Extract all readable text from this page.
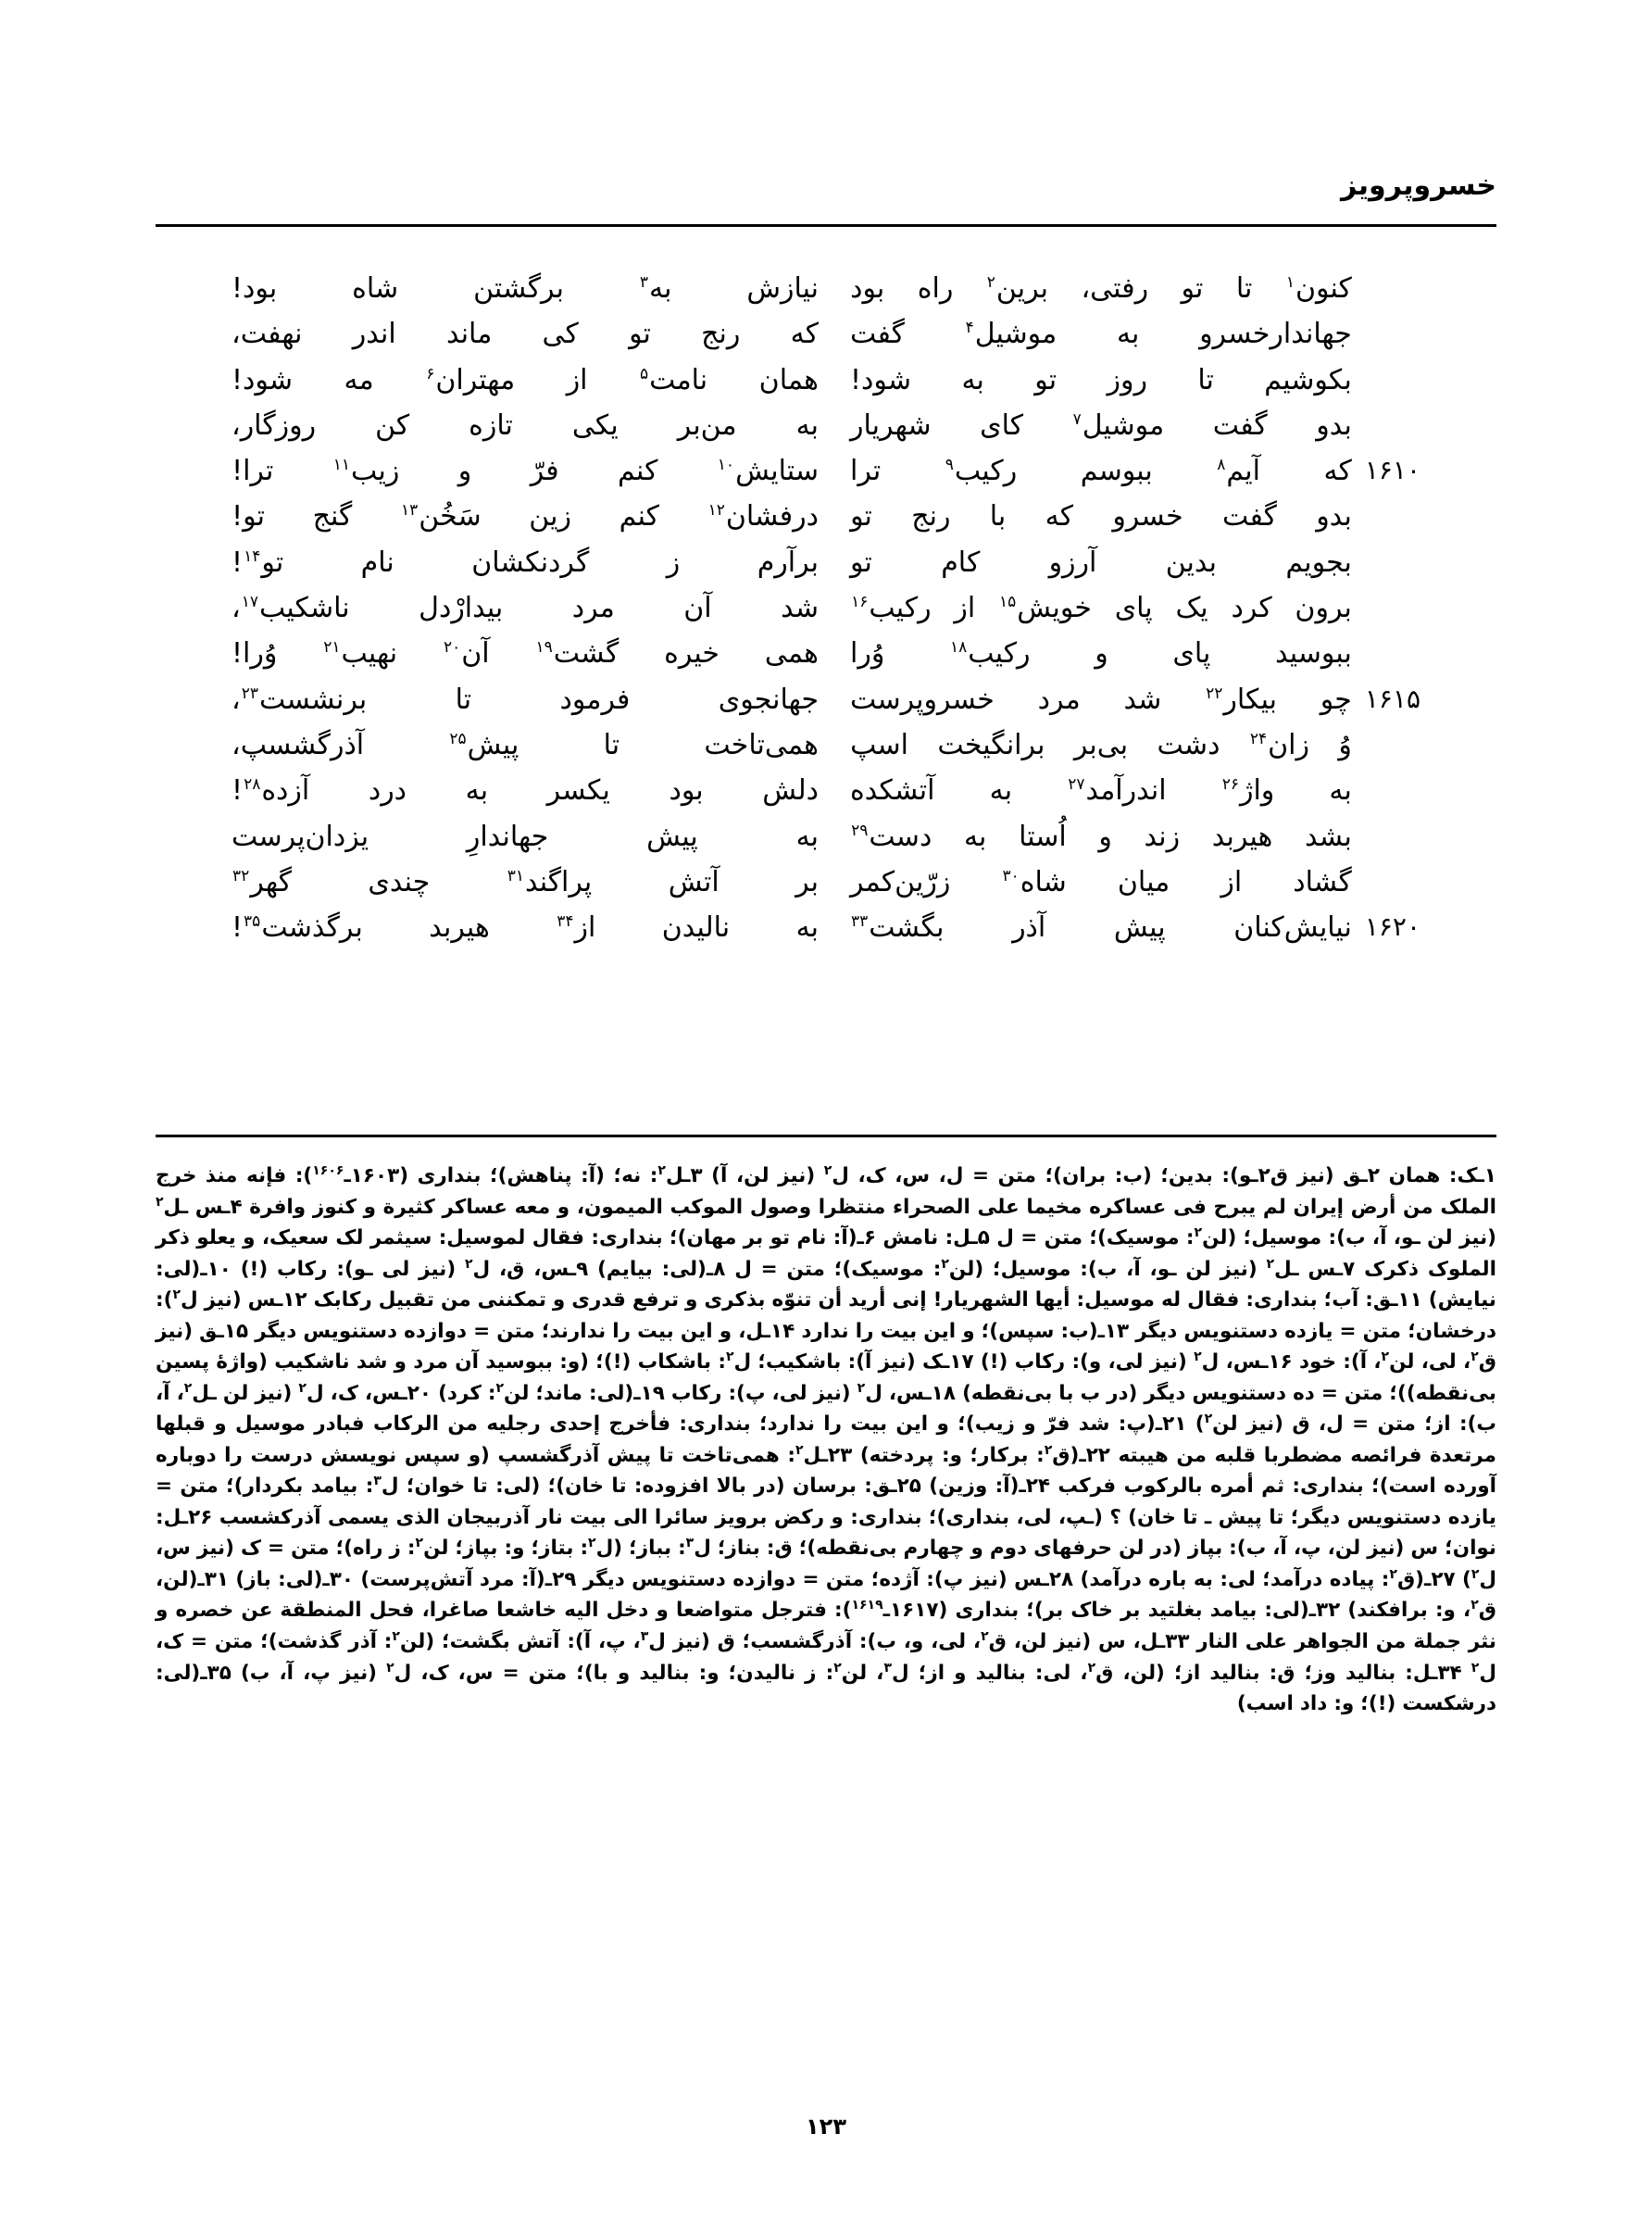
خسروپرویز
کنون$^۱$
تا
تو
رفتی،
برین$^۲$
راه
بود
نیازش
به$^۳$
برگشتن
شاه
بود!
جهاندارخسرو
به
موشیل$^۴$
گفت
که
رنج
تو
کی
ماند
اندر
نهفت،
بکوشیم
تا
روز
تو
به
شود!
همان
نامت$^۵$
از
مهتران$^۶$
مه
شود!
بدو
گفت
موشیل$^۷$
کای
شهریار
به
من‌بر
یکی
تازه
کن
روزگار،
۱۶۱۰
که
آیم$^۸$
ببوسم
رکیب$^۹$
ترا
ستایش$^{۱۰}$
کنم
فرّ
و
زیب$^{۱۱}$
ترا!
بدو
گفت
خسرو
که
با
رنج
تو
درفشان$^{۱۲}$
کنم
زین
سَخُن$^{۱۳}$
گنج
تو!
بجویم
بدین
آرزو
کام
تو
برآرم
ز
گردنکشان
نام
تو$^{۱۴}$!
برون
کرد
یک
پای
خویش$^{۱۵}$
از
رکیب$^{۱۶}$
شد
آن
مرد
بیدارْدل
ناشکیب$^{۱۷}$،
ببوسید
پای
و
رکیب$^{۱۸}$
وُرا
همی
خیره
گشت$^{۱۹}$
آن$^{۲۰}$
نهیب$^{۲۱}$
وُرا!
۱۶۱۵
چو
بیکار$^{۲۲}$
شد
مرد
خسروپرست
جهانجوی
فرمود
تا
برنشست$^{۲۳}$،
وُ
زان$^{۲۴}$
دشت
بی‌بر
برانگیخت
اسپ
همی‌تاخت
تا
پیش$^{۲۵}$
آذرگشسپ،
به
واژ$^{۲۶}$
اندرآمد$^{۲۷}$
به
آتشکده
دلش
بود
یکسر
به
درد
آزده$^{۲۸}$!
بشد
هیربد
زند
و
اُستا
به
دست$^{۲۹}$
به
پیش
جهاندارِ
یزدان‌پرست
گشاد
از
میان
شاه$^{۳۰}$
زرّین‌کمر
بر
آتش
پراگند$^{۳۱}$
چندی
گهر$^{۳۲}$
۱۶۲۰
نیایش‌کنان
پیش
آذر
بگشت$^{۳۳}$
به
نالیدن
از$^{۳۴}$
هیربد
برگذشت$^{۳۵}$!
۱ـک: همان ۲ـق (نیز ق۲ـو): بدین؛ (ب: بران)؛ متن = ل، س، ک، ل$^۲$ (نیز لن، آ) ۳ـل$^۲$: نه؛ (آ: پناهش)؛ بنداری (۱۶۰۳ـ$^{۱۶۰۶}$): فإنه منذ خرج الملک من أرض إیران لم یبرح فی عساکره مخیما علی الصحراء منتظرا وصول الموکب المیمون، و معه عساکر کثیرة و کنوز وافرة ۴ـس ـل$^۲$ (نیز لن ـو، آ، ب): موسیل؛ (لن$^۲$: موسیک)؛ متن = ل ۵ـل: نامش ۶ـ(آ: نام تو بر مهان)؛ بنداری: فقال لموسیل: سیثمر لک سعیک، و یعلو ذکر الملوک ذکرک ۷ـس ـل$^۲$ (نیز لن ـو، آ، ب): موسیل؛ (لن$^۲$: موسیک)؛ متن = ل ۸ـ(لی: بیایم) ۹ـس، ق، ل$^۲$ (نیز لی ـو): رکاب (!) ۱۰ـ(لی: نیایش) ۱۱ـق: آب؛ بنداری: فقال له موسیل: أیها الشهریار! إنی أرید أن تنوّه بذکری و ترفع قدری و تمکننی من تقبیل رکابک ۱۲ـس (نیز ل$^۲$): درخشان؛ متن = یازده دستنویس دیگر ۱۳ـ(ب: سپس)؛ و این بیت را ندارد ۱۴ـل، و این بیت را ندارند؛ متن = دوازده دستنویس دیگر ۱۵ـق (نیز ق$^۲$، لی، لن$^۲$، آ): خود ۱۶ـس، ل$^۲$ (نیز لی، و): رکاب (!) ۱۷ـک (نیز آ): باشکیب؛ ل$^۲$: باشکاب (!)؛ (و: ببوسید آن مرد و شد ناشکیب (واژهٔ پسین بی‌نقطه))؛ متن = ده دستنویس دیگر (در ب با بی‌نقطه) ۱۸ـس، ل$^۲$ (نیز لی، پ): رکاب ۱۹ـ(لی: ماند؛ لن$^۲$: کرد) ۲۰ـس، ک، ل$^۲$ (نیز لن ـل$^۲$، آ، ب): از؛ متن = ل، ق (نیز لن$^۲$) ۲۱ـ(پ: شد فرّ و زیب)؛ و این بیت را ندارد؛ بنداری: فأخرج إحدی رجلیه من الرکاب فبادر موسیل و قبلها مرتعدة فرائصه مضطربا قلبه من هیبته ۲۲ـ(ق$^۲$: برکار؛ و: پردخته) ۲۳ـل$^۲$: همی‌تاخت تا پیش آذرگشسپ (و سپس نویسش درست را دوباره آورده است)؛ بنداری: ثم أمره بالرکوب فرکب ۲۴ـ(آ: وزین) ۲۵ـق: برسان (در بالا افزوده: تا خان)؛ (لی: تا خوان؛ ل$^۳$: بیامد بکردار)؛ متن = یازده دستنویس دیگر؛ تا پیش ـ تا خان) ؟ (ـپ، لی، بنداری)؛ بنداری: و رکض برویز سائرا الی بیت نار آذربیجان الذی یسمی آذرکشسب ۲۶ـل: نوان؛ س (نیز لن، پ، آ، ب): بپاز (در لن حرفهای دوم و چهارم بی‌نقطه)؛ ق: بناز؛ ل$^۳$: بباز؛ (ل$^۲$: بتاز؛ و: بپاز؛ لن$^۲$: ز راه)؛ متن = ک (نیز س، ل$^۲$) ۲۷ـ(ق$^۲$: پیاده درآمد؛ لی: به باره درآمد) ۲۸ـس (نیز پ): آژده؛ متن = دوازده دستنویس دیگر ۲۹ـ(آ: مرد آتش‌پرست) ۳۰ـ(لی: باز) ۳۱ـ(لن، ق$^۲$، و: برافکند) ۳۲ـ(لی: بیامد بغلتید بر خاک بر)؛ بنداری (۱۶۱۷ـ$^{۱۶۱۹}$): فترجل متواضعا و دخل الیه خاشعا صاغرا، فحل المنطقة عن خصره و نثر جملة من الجواهر علی النار ۳۳ـل، س (نیز لن، ق$^۲$، لی، و، ب): آذرگشسب؛ ق (نیز ل$^۳$، پ، آ): آتش بگشت؛ (لن$^۲$: آذر گذشت)؛ متن = ک، ل$^۲$ ۳۴ـل: بنالید وز؛ ق: بنالید از؛ (لن، ق$^۲$، لی: بنالید و از؛ ل$^۳$، لن$^۲$: ز نالیدن؛ و: بنالید و با)؛ متن = س، ک، ل$^۲$ (نیز پ، آ، ب) ۳۵ـ(لی: درشکست (!)؛ و: داد اسب)
۱۲۳
